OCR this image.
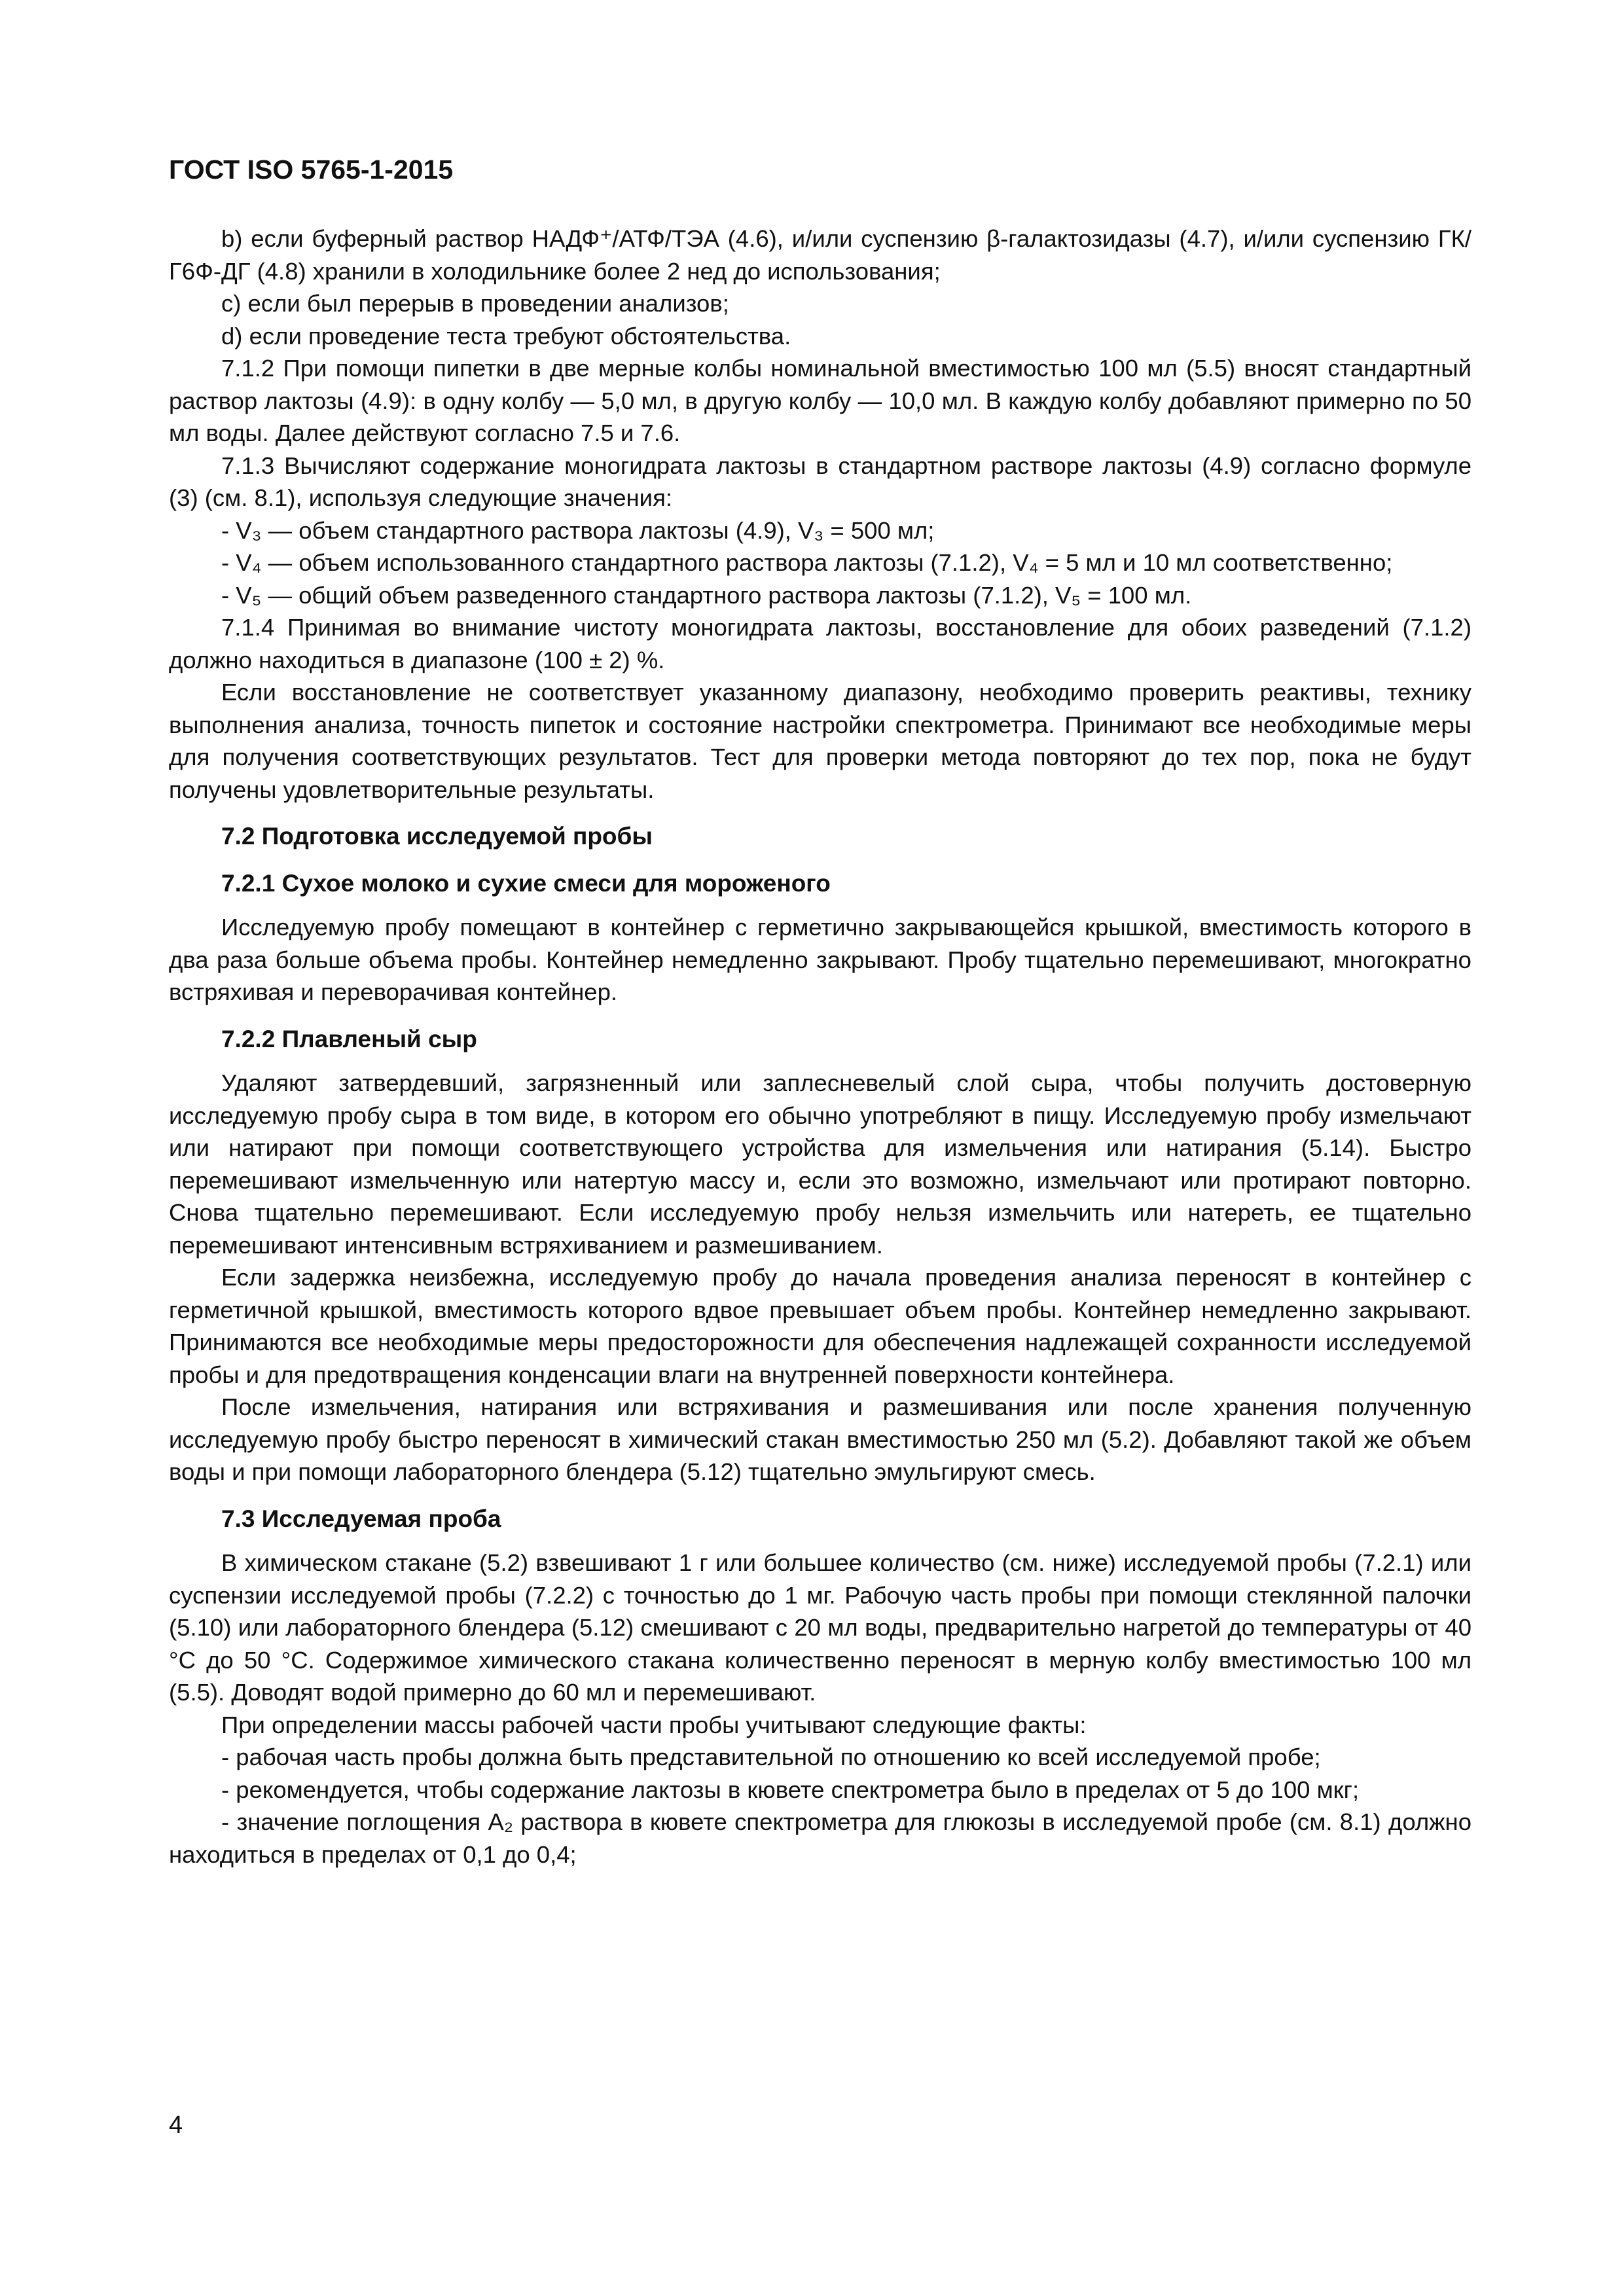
ГОСТ ISO 5765-1-2015

b) если буферный раствор НАДФ⁺/АТФ/ТЭА (4.6), и/или суспензию β-галактозидазы (4.7), и/или суспензию ГК/Г6Ф-ДГ (4.8) хранили в холодильнике более 2 нед до использования;

c) если был перерыв в проведении анализов;

d) если проведение теста требуют обстоятельства.

7.1.2 При помощи пипетки в две мерные колбы номинальной вместимостью 100 мл (5.5) вносят стандартный раствор лактозы (4.9): в одну колбу — 5,0 мл, в другую колбу — 10,0 мл. В каждую колбу добавляют примерно по 50 мл воды. Далее действуют согласно 7.5 и 7.6.

7.1.3 Вычисляют содержание моногидрата лактозы в стандартном растворе лактозы (4.9) согласно формуле (3) (см. 8.1), используя следующие значения:

- V₃ — объем стандартного раствора лактозы (4.9), V₃ = 500 мл;

- V₄ — объем использованного стандартного раствора лактозы (7.1.2), V₄ = 5 мл и 10 мл соответственно;

- V₅ — общий объем разведенного стандартного раствора лактозы (7.1.2), V₅ = 100 мл.

7.1.4 Принимая во внимание чистоту моногидрата лактозы, восстановление для обоих разведений (7.1.2) должно находиться в диапазоне (100 ± 2) %.

Если восстановление не соответствует указанному диапазону, необходимо проверить реактивы, технику выполнения анализа, точность пипеток и состояние настройки спектрометра. Принимают все необходимые меры для получения соответствующих результатов. Тест для проверки метода повторяют до тех пор, пока не будут получены удовлетворительные результаты.

7.2 Подготовка исследуемой пробы

7.2.1 Сухое молоко и сухие смеси для мороженого

Исследуемую пробу помещают в контейнер с герметично закрывающейся крышкой, вместимость которого в два раза больше объема пробы. Контейнер немедленно закрывают. Пробу тщательно перемешивают, многократно встряхивая и переворачивая контейнер.

7.2.2 Плавленый сыр

Удаляют затвердевший, загрязненный или заплесневелый слой сыра, чтобы получить достоверную исследуемую пробу сыра в том виде, в котором его обычно употребляют в пищу. Исследуемую пробу измельчают или натирают при помощи соответствующего устройства для измельчения или натирания (5.14). Быстро перемешивают измельченную или натертую массу и, если это возможно, измельчают или протирают повторно. Снова тщательно перемешивают. Если исследуемую пробу нельзя измельчить или натереть, ее тщательно перемешивают интенсивным встряхиванием и размешиванием.

Если задержка неизбежна, исследуемую пробу до начала проведения анализа переносят в контейнер с герметичной крышкой, вместимость которого вдвое превышает объем пробы. Контейнер немедленно закрывают. Принимаются все необходимые меры предосторожности для обеспечения надлежащей сохранности исследуемой пробы и для предотвращения конденсации влаги на внутренней поверхности контейнера.

После измельчения, натирания или встряхивания и размешивания или после хранения полученную исследуемую пробу быстро переносят в химический стакан вместимостью 250 мл (5.2). Добавляют такой же объем воды и при помощи лабораторного блендера (5.12) тщательно эмульгируют смесь.

7.3 Исследуемая проба

В химическом стакане (5.2) взвешивают 1 г или большее количество (см. ниже) исследуемой пробы (7.2.1) или суспензии исследуемой пробы (7.2.2) с точностью до 1 мг. Рабочую часть пробы при помощи стеклянной палочки (5.10) или лабораторного блендера (5.12) смешивают с 20 мл воды, предварительно нагретой до температуры от 40 °C до 50 °C. Содержимое химического стакана количественно переносят в мерную колбу вместимостью 100 мл (5.5). Доводят водой примерно до 60 мл и перемешивают.

При определении массы рабочей части пробы учитывают следующие факты:

- рабочая часть пробы должна быть представительной по отношению ко всей исследуемой пробе;

- рекомендуется, чтобы содержание лактозы в кювете спектрометра было в пределах от 5 до 100 мкг;

- значение поглощения A₂ раствора в кювете спектрометра для глюкозы в исследуемой пробе (см. 8.1) должно находиться в пределах от 0,1 до 0,4;

4
